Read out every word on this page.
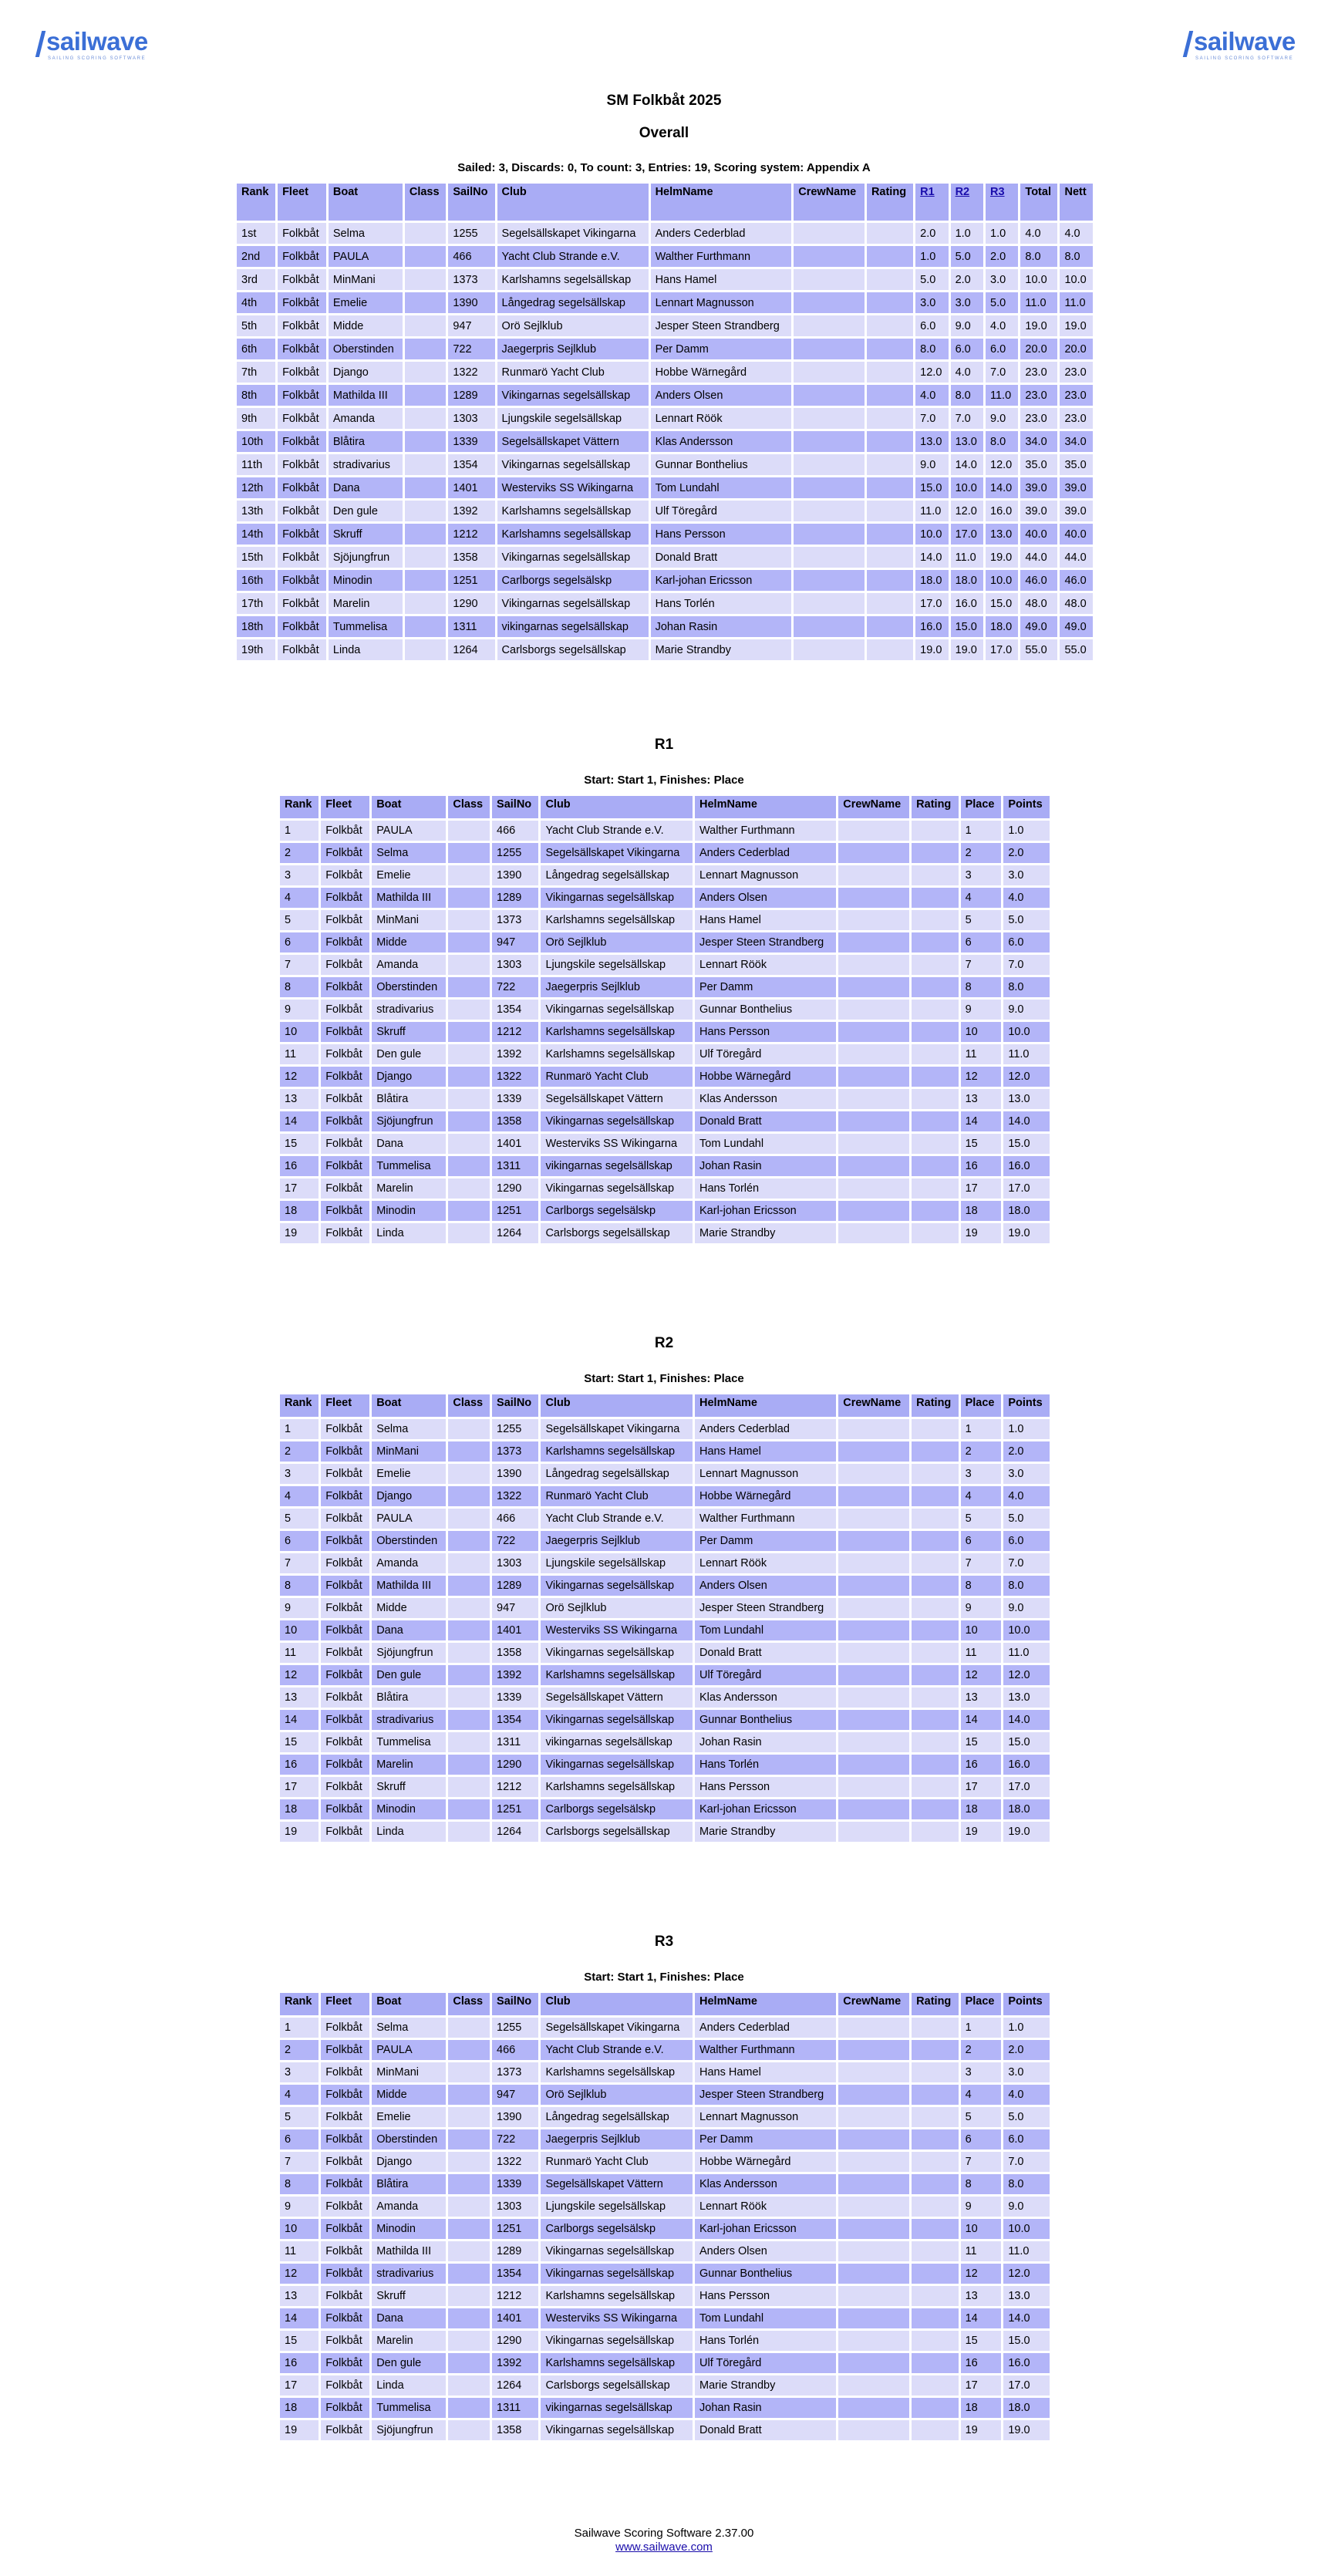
sailwave
SAILING SCORING SOFTWARE
sailwave
SAILING SCORING SOFTWARE
SM Folkbåt 2025
Overall
Sailed: 3, Discards: 0, To count: 3, Entries: 19, Scoring system: Appendix A
Rank	Fleet	Boat	Class	SailNo	Club	HelmName	CrewName	Rating	R1	R2	R3	Total	Nett
1st	Folkbåt	Selma		1255	Segelsällskapet Vikingarna	Anders Cederblad			2.0	1.0	1.0	4.0	4.0
2nd	Folkbåt	PAULA		466	Yacht Club Strande e.V.	Walther Furthmann			1.0	5.0	2.0	8.0	8.0
3rd	Folkbåt	MinMani		1373	Karlshamns segelsällskap	Hans Hamel			5.0	2.0	3.0	10.0	10.0
4th	Folkbåt	Emelie		1390	Långedrag segelsällskap	Lennart Magnusson			3.0	3.0	5.0	11.0	11.0
5th	Folkbåt	Midde		947	Orö Sejlklub	Jesper Steen Strandberg			6.0	9.0	4.0	19.0	19.0
6th	Folkbåt	Oberstinden		722	Jaegerpris Sejlklub	Per Damm			8.0	6.0	6.0	20.0	20.0
7th	Folkbåt	Django		1322	Runmarö Yacht Club	Hobbe Wärnegård			12.0	4.0	7.0	23.0	23.0
8th	Folkbåt	Mathilda III		1289	Vikingarnas segelsällskap	Anders Olsen			4.0	8.0	11.0	23.0	23.0
9th	Folkbåt	Amanda		1303	Ljungskile segelsällskap	Lennart Röök			7.0	7.0	9.0	23.0	23.0
10th	Folkbåt	Blåtira		1339	Segelsällskapet Vättern	Klas Andersson			13.0	13.0	8.0	34.0	34.0
11th	Folkbåt	stradivarius		1354	Vikingarnas segelsällskap	Gunnar Bonthelius			9.0	14.0	12.0	35.0	35.0
12th	Folkbåt	Dana		1401	Westerviks SS Wikingarna	Tom Lundahl			15.0	10.0	14.0	39.0	39.0
13th	Folkbåt	Den gule		1392	Karlshamns segelsällskap	Ulf Töregård			11.0	12.0	16.0	39.0	39.0
14th	Folkbåt	Skruff		1212	Karlshamns segelsällskap	Hans Persson			10.0	17.0	13.0	40.0	40.0
15th	Folkbåt	Sjöjungfrun		1358	Vikingarnas segelsällskap	Donald Bratt			14.0	11.0	19.0	44.0	44.0
16th	Folkbåt	Minodin		1251	Carlborgs segelsälskp	Karl-johan Ericsson			18.0	18.0	10.0	46.0	46.0
17th	Folkbåt	Marelin		1290	Vikingarnas segelsällskap	Hans Torlén			17.0	16.0	15.0	48.0	48.0
18th	Folkbåt	Tummelisa		1311	vikingarnas segelsällskap	Johan Rasin			16.0	15.0	18.0	49.0	49.0
19th	Folkbåt	Linda		1264	Carlsborgs segelsällskap	Marie Strandby			19.0	19.0	17.0	55.0	55.0
R1
Start: Start 1, Finishes: Place
Rank	Fleet	Boat	Class	SailNo	Club	HelmName	CrewName	Rating	Place	Points
1	Folkbåt	PAULA		466	Yacht Club Strande e.V.	Walther Furthmann			1	1.0
2	Folkbåt	Selma		1255	Segelsällskapet Vikingarna	Anders Cederblad			2	2.0
3	Folkbåt	Emelie		1390	Långedrag segelsällskap	Lennart Magnusson			3	3.0
4	Folkbåt	Mathilda III		1289	Vikingarnas segelsällskap	Anders Olsen			4	4.0
5	Folkbåt	MinMani		1373	Karlshamns segelsällskap	Hans Hamel			5	5.0
6	Folkbåt	Midde		947	Orö Sejlklub	Jesper Steen Strandberg			6	6.0
7	Folkbåt	Amanda		1303	Ljungskile segelsällskap	Lennart Röök			7	7.0
8	Folkbåt	Oberstinden		722	Jaegerpris Sejlklub	Per Damm			8	8.0
9	Folkbåt	stradivarius		1354	Vikingarnas segelsällskap	Gunnar Bonthelius			9	9.0
10	Folkbåt	Skruff		1212	Karlshamns segelsällskap	Hans Persson			10	10.0
11	Folkbåt	Den gule		1392	Karlshamns segelsällskap	Ulf Töregård			11	11.0
12	Folkbåt	Django		1322	Runmarö Yacht Club	Hobbe Wärnegård			12	12.0
13	Folkbåt	Blåtira		1339	Segelsällskapet Vättern	Klas Andersson			13	13.0
14	Folkbåt	Sjöjungfrun		1358	Vikingarnas segelsällskap	Donald Bratt			14	14.0
15	Folkbåt	Dana		1401	Westerviks SS Wikingarna	Tom Lundahl			15	15.0
16	Folkbåt	Tummelisa		1311	vikingarnas segelsällskap	Johan Rasin			16	16.0
17	Folkbåt	Marelin		1290	Vikingarnas segelsällskap	Hans Torlén			17	17.0
18	Folkbåt	Minodin		1251	Carlborgs segelsälskp	Karl-johan Ericsson			18	18.0
19	Folkbåt	Linda		1264	Carlsborgs segelsällskap	Marie Strandby			19	19.0
R2
Start: Start 1, Finishes: Place
Rank	Fleet	Boat	Class	SailNo	Club	HelmName	CrewName	Rating	Place	Points
1	Folkbåt	Selma		1255	Segelsällskapet Vikingarna	Anders Cederblad			1	1.0
2	Folkbåt	MinMani		1373	Karlshamns segelsällskap	Hans Hamel			2	2.0
3	Folkbåt	Emelie		1390	Långedrag segelsällskap	Lennart Magnusson			3	3.0
4	Folkbåt	Django		1322	Runmarö Yacht Club	Hobbe Wärnegård			4	4.0
5	Folkbåt	PAULA		466	Yacht Club Strande e.V.	Walther Furthmann			5	5.0
6	Folkbåt	Oberstinden		722	Jaegerpris Sejlklub	Per Damm			6	6.0
7	Folkbåt	Amanda		1303	Ljungskile segelsällskap	Lennart Röök			7	7.0
8	Folkbåt	Mathilda III		1289	Vikingarnas segelsällskap	Anders Olsen			8	8.0
9	Folkbåt	Midde		947	Orö Sejlklub	Jesper Steen Strandberg			9	9.0
10	Folkbåt	Dana		1401	Westerviks SS Wikingarna	Tom Lundahl			10	10.0
11	Folkbåt	Sjöjungfrun		1358	Vikingarnas segelsällskap	Donald Bratt			11	11.0
12	Folkbåt	Den gule		1392	Karlshamns segelsällskap	Ulf Töregård			12	12.0
13	Folkbåt	Blåtira		1339	Segelsällskapet Vättern	Klas Andersson			13	13.0
14	Folkbåt	stradivarius		1354	Vikingarnas segelsällskap	Gunnar Bonthelius			14	14.0
15	Folkbåt	Tummelisa		1311	vikingarnas segelsällskap	Johan Rasin			15	15.0
16	Folkbåt	Marelin		1290	Vikingarnas segelsällskap	Hans Torlén			16	16.0
17	Folkbåt	Skruff		1212	Karlshamns segelsällskap	Hans Persson			17	17.0
18	Folkbåt	Minodin		1251	Carlborgs segelsälskp	Karl-johan Ericsson			18	18.0
19	Folkbåt	Linda		1264	Carlsborgs segelsällskap	Marie Strandby			19	19.0
R3
Start: Start 1, Finishes: Place
Rank	Fleet	Boat	Class	SailNo	Club	HelmName	CrewName	Rating	Place	Points
1	Folkbåt	Selma		1255	Segelsällskapet Vikingarna	Anders Cederblad			1	1.0
2	Folkbåt	PAULA		466	Yacht Club Strande e.V.	Walther Furthmann			2	2.0
3	Folkbåt	MinMani		1373	Karlshamns segelsällskap	Hans Hamel			3	3.0
4	Folkbåt	Midde		947	Orö Sejlklub	Jesper Steen Strandberg			4	4.0
5	Folkbåt	Emelie		1390	Långedrag segelsällskap	Lennart Magnusson			5	5.0
6	Folkbåt	Oberstinden		722	Jaegerpris Sejlklub	Per Damm			6	6.0
7	Folkbåt	Django		1322	Runmarö Yacht Club	Hobbe Wärnegård			7	7.0
8	Folkbåt	Blåtira		1339	Segelsällskapet Vättern	Klas Andersson			8	8.0
9	Folkbåt	Amanda		1303	Ljungskile segelsällskap	Lennart Röök			9	9.0
10	Folkbåt	Minodin		1251	Carlborgs segelsälskp	Karl-johan Ericsson			10	10.0
11	Folkbåt	Mathilda III		1289	Vikingarnas segelsällskap	Anders Olsen			11	11.0
12	Folkbåt	stradivarius		1354	Vikingarnas segelsällskap	Gunnar Bonthelius			12	12.0
13	Folkbåt	Skruff		1212	Karlshamns segelsällskap	Hans Persson			13	13.0
14	Folkbåt	Dana		1401	Westerviks SS Wikingarna	Tom Lundahl			14	14.0
15	Folkbåt	Marelin		1290	Vikingarnas segelsällskap	Hans Torlén			15	15.0
16	Folkbåt	Den gule		1392	Karlshamns segelsällskap	Ulf Töregård			16	16.0
17	Folkbåt	Linda		1264	Carlsborgs segelsällskap	Marie Strandby			17	17.0
18	Folkbåt	Tummelisa		1311	vikingarnas segelsällskap	Johan Rasin			18	18.0
19	Folkbåt	Sjöjungfrun		1358	Vikingarnas segelsällskap	Donald Bratt			19	19.0
Sailwave Scoring Software 2.37.00
www.sailwave.com
